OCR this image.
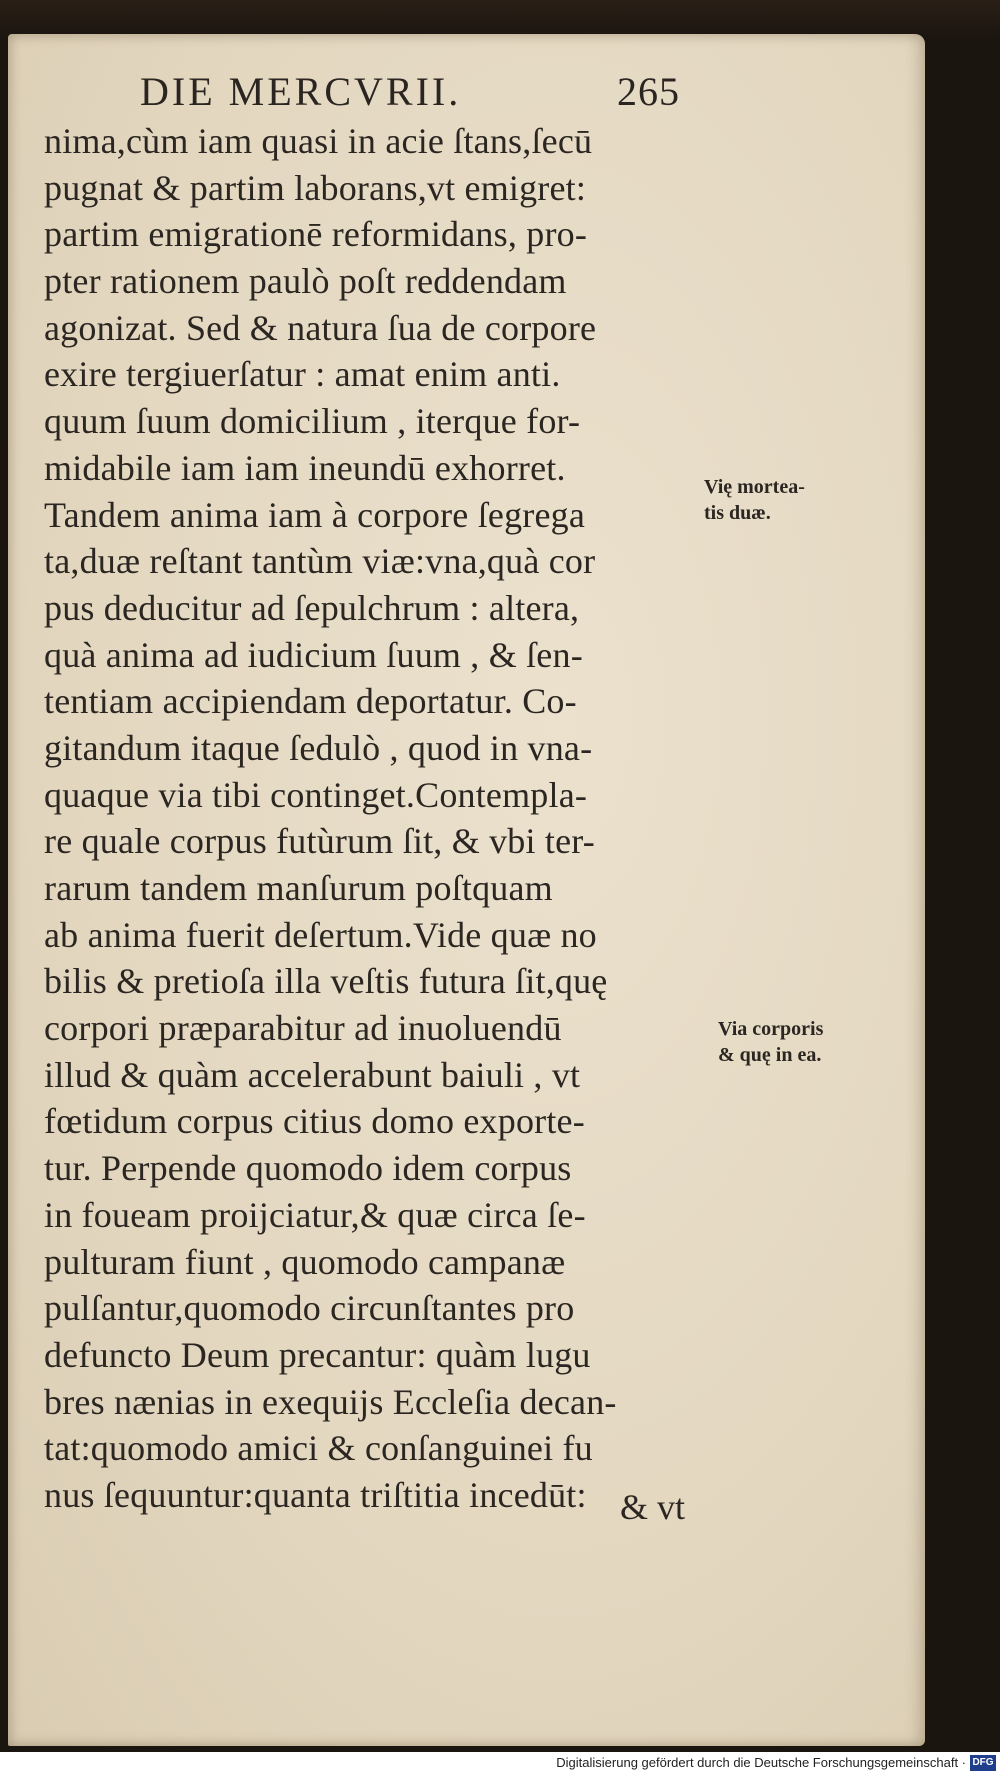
DIE MERCVRII.	265
nima,cùm iam quasi in acie ſtans,ſecū
pugnat & partim laborans,vt emigret:
partim emigrationē reformidans, pro-
pter rationem paulò poſt reddendam
agonizat. Sed & natura ſua de corpore
exire tergiuerſatur : amat enim anti.
quum ſuum domicilium , iterque for-
midabile iam iam ineundū exhorret.
Tandem anima iam à corpore ſegrega
ta,duæ reſtant tantùm viæ:vna,quà cor
pus deducitur ad ſepulchrum : altera,
quà anima ad iudicium ſuum , & ſen-
tentiam accipiendam deportatur. Co-
gitandum itaque ſedulò , quod in vna-
quaque via tibi continget.Contempla-
re quale corpus futùrum ſit, & vbi ter-
rarum tandem manſurum poſtquam
ab anima fuerit deſertum.Vide quæ no
bilis & pretioſa illa veſtis futura ſit,quę
corpori præparabitur ad inuoluendū
illud & quàm accelerabunt baiuli , vt
fœtidum corpus citius domo exporte-
tur. Perpende quomodo idem corpus
in foueam proijciatur,& quæ circa ſe-
pulturam fiunt , quomodo campanæ
pulſantur,quomodo circunſtantes pro
defuncto Deum precantur: quàm lugu
bres nænias in exequijs Eccleſia decan-
tat:quomodo amici & conſanguinei fu
nus ſequuntur:quanta triſtitia incedūt: & vt
Vię mortea-
tis duæ.
Via corporis
& quę in ea.
Digitalisierung gefördert durch die Deutsche Forschungsgemeinschaft · DFG
